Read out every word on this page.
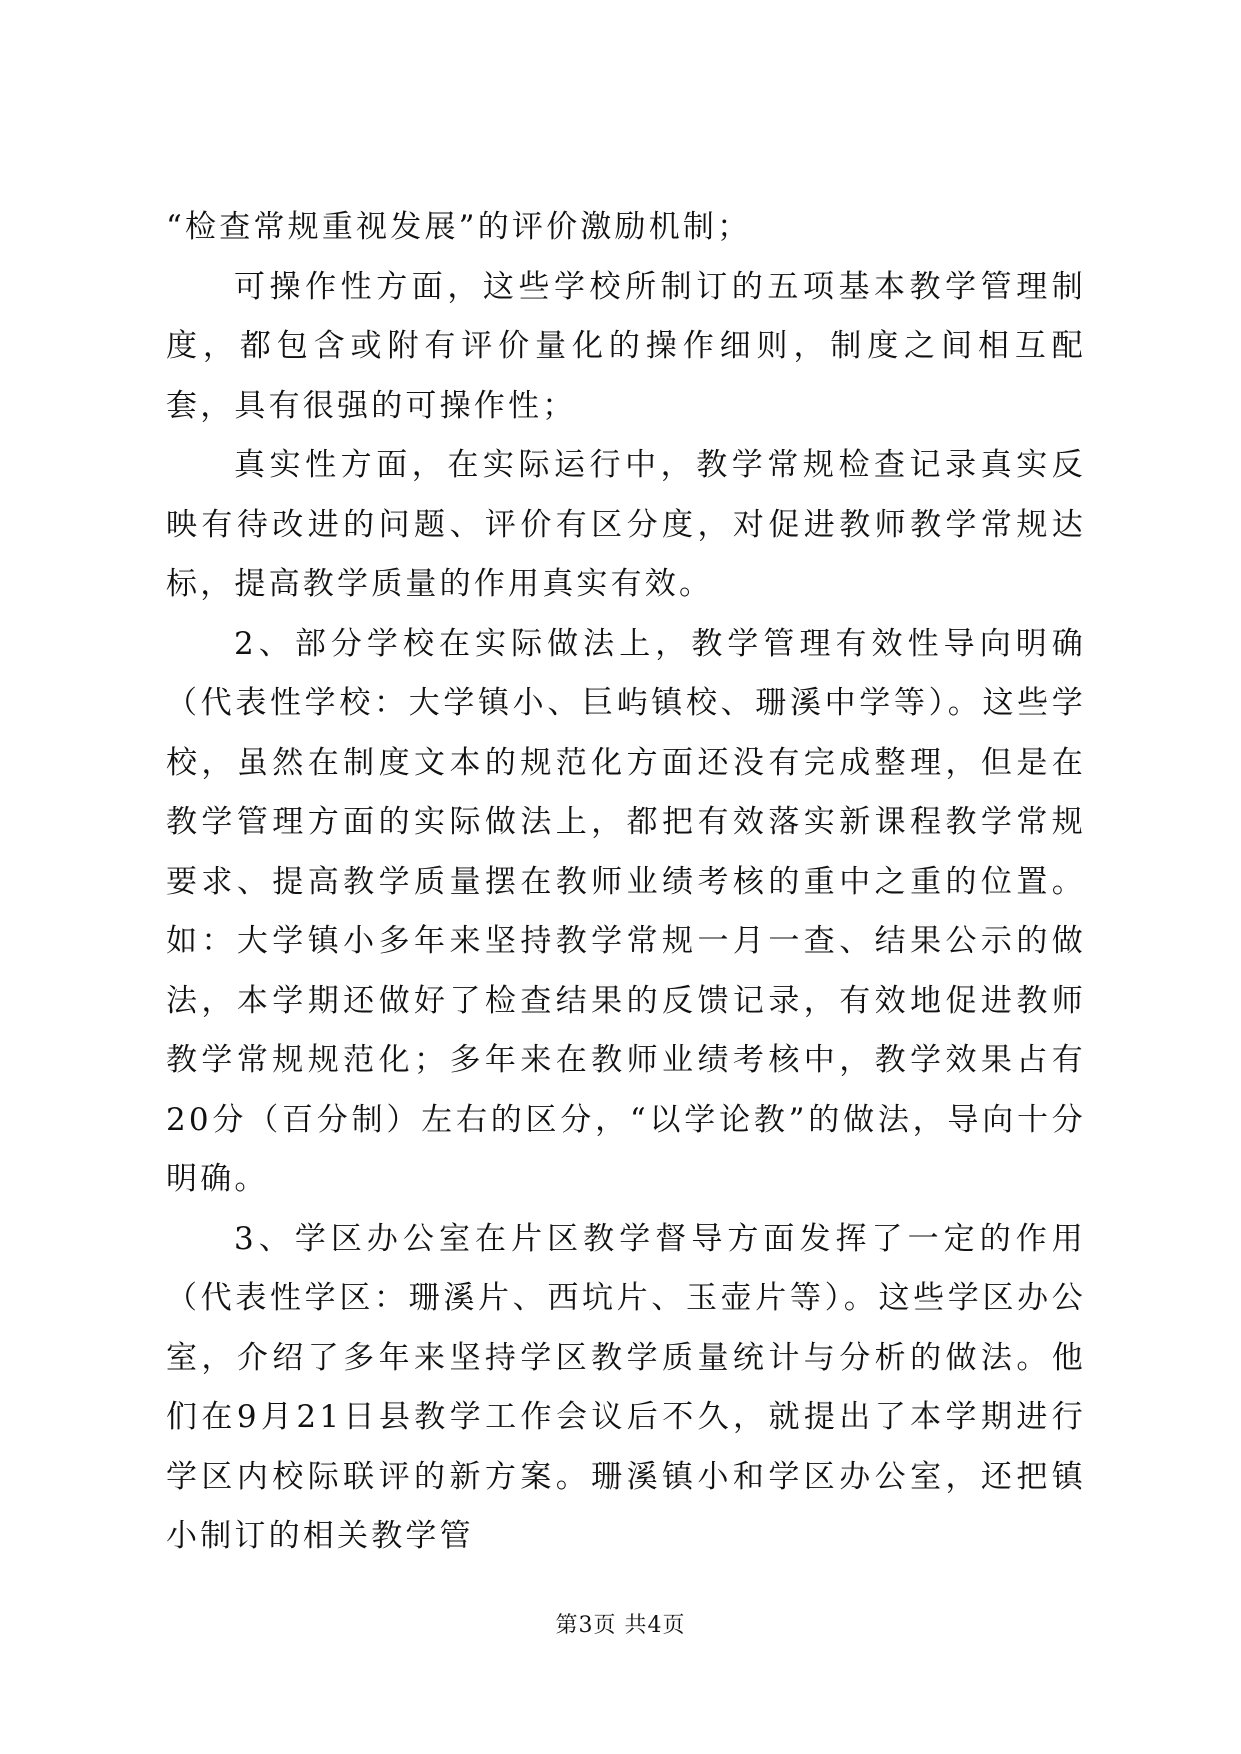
“检查常规重视发展”的评价激励机制；

可操作性方面，这些学校所制订的五项基本教学管理制度，都包含或附有评价量化的操作细则，制度之间相互配套，具有很强的可操作性；

真实性方面，在实际运行中，教学常规检查记录真实反映有待改进的问题、评价有区分度，对促进教师教学常规达标，提高教学质量的作用真实有效。

2、部分学校在实际做法上，教学管理有效性导向明确（代表性学校：大学镇小、巨屿镇校、珊溪中学等）。这些学校，虽然在制度文本的规范化方面还没有完成整理，但是在教学管理方面的实际做法上，都把有效落实新课程教学常规要求、提高教学质量摆在教师业绩考核的重中之重的位置。如：大学镇小多年来坚持教学常规一月一查、结果公示的做法，本学期还做好了检查结果的反馈记录，有效地促进教师教学常规规范化；多年来在教师业绩考核中，教学效果占有20分（百分制）左右的区分，“以学论教”的做法，导向十分明确。

3、学区办公室在片区教学督导方面发挥了一定的作用（代表性学区：珊溪片、西坑片、玉壶片等）。这些学区办公室，介绍了多年来坚持学区教学质量统计与分析的做法。他们在9月21日县教学工作会议后不久，就提出了本学期进行学区内校际联评的新方案。珊溪镇小和学区办公室，还把镇小制订的相关教学管

第3页 共4页
